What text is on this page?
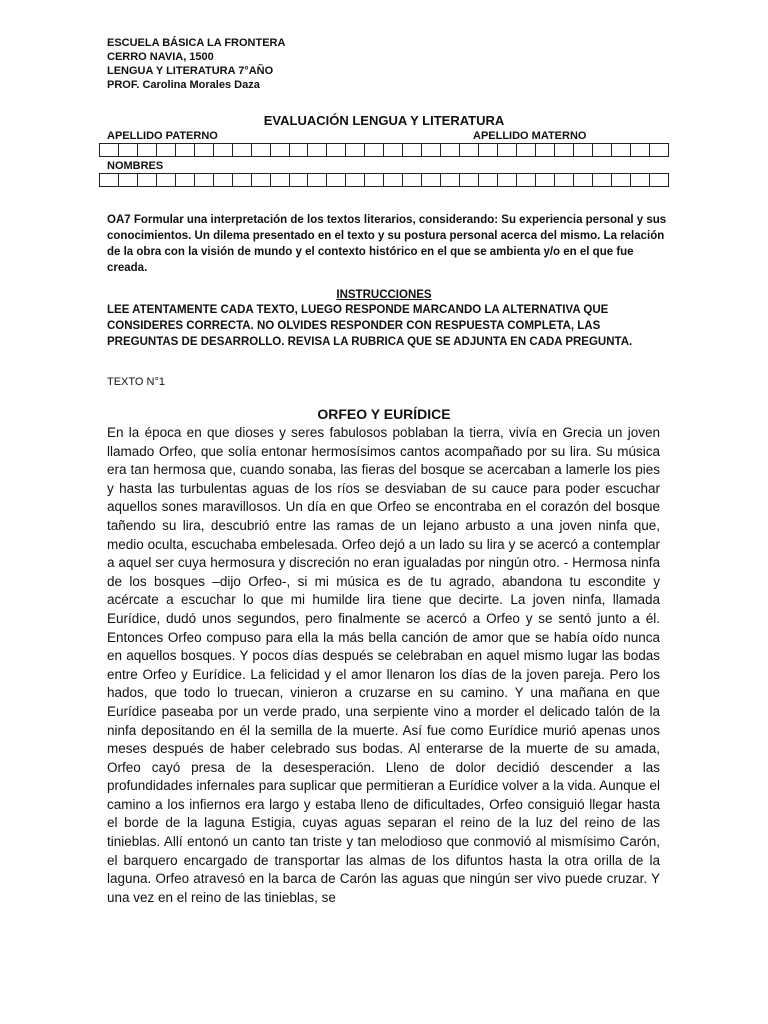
ESCUELA BÁSICA LA FRONTERA
CERRO NAVIA, 1500
LENGUA Y LITERATURA 7°AÑO
PROF. Carolina Morales Daza
EVALUACIÓN LENGUA Y LITERATURA
APELLIDO PATERNO	APELLIDO MATERNO

NOMBRES

OA7 Formular una interpretación de los textos literarios, considerando: Su experiencia personal y sus conocimientos. Un dilema presentado en el texto y su postura personal acerca del mismo. La relación de la obra con la visión de mundo y el contexto histórico en el que se ambienta y/o en el que fue creada.
INSTRUCCIONES
LEE ATENTAMENTE CADA TEXTO, LUEGO RESPONDE MARCANDO LA ALTERNATIVA QUE CONSIDERES CORRECTA. NO OLVIDES RESPONDER CON RESPUESTA COMPLETA, LAS PREGUNTAS DE DESARROLLO. REVISA LA RUBRICA QUE SE ADJUNTA EN CADA PREGUNTA.
TEXTO N°1
ORFEO Y EURÍDICE
En la época en que dioses y seres fabulosos poblaban la tierra, vivía en Grecia un joven llamado Orfeo, que solía entonar hermosísimos cantos acompañado por su lira. Su música era tan hermosa que, cuando sonaba, las fieras del bosque se acercaban a lamerle los pies y hasta las turbulentas aguas de los ríos se desviaban de su cauce para poder escuchar aquellos sones maravillosos. Un día en que Orfeo se encontraba en el corazón del bosque tañendo su lira, descubrió entre las ramas de un lejano arbusto a una joven ninfa que, medio oculta, escuchaba embelesada. Orfeo dejó a un lado su lira y se acercó a contemplar a aquel ser cuya hermosura y discreción no eran igualadas por ningún otro. - Hermosa ninfa de los bosques –dijo Orfeo-, si mi música es de tu agrado, abandona tu escondite y acércate a escuchar lo que mi humilde lira tiene que decirte. La joven ninfa, llamada Eurídice, dudó unos segundos, pero finalmente se acercó a Orfeo y se sentó junto a él. Entonces Orfeo compuso para ella la más bella canción de amor que se había oído nunca en aquellos bosques. Y pocos días después se celebraban en aquel mismo lugar las bodas entre Orfeo y Eurídice. La felicidad y el amor llenaron los días de la joven pareja. Pero los hados, que todo lo truecan, vinieron a cruzarse en su camino. Y una mañana en que Eurídice paseaba por un verde prado, una serpiente vino a morder el delicado talón de la ninfa depositando en él la semilla de la muerte. Así fue como Eurídice murió apenas unos meses después de haber celebrado sus bodas. Al enterarse de la muerte de su amada, Orfeo cayó presa de la desesperación. Lleno de dolor decidió descender a las profundidades infernales para suplicar que permitieran a Eurídice volver a la vida. Aunque el camino a los infiernos era largo y estaba lleno de dificultades, Orfeo consiguió llegar hasta el borde de la laguna Estigia, cuyas aguas separan el reino de la luz del reino de las tinieblas. Allí entonó un canto tan triste y tan melodioso que conmovió al mismísimo Carón, el barquero encargado de transportar las almas de los difuntos hasta la otra orilla de la laguna. Orfeo atravesó en la barca de Carón las aguas que ningún ser vivo puede cruzar. Y una vez en el reino de las tinieblas, se
